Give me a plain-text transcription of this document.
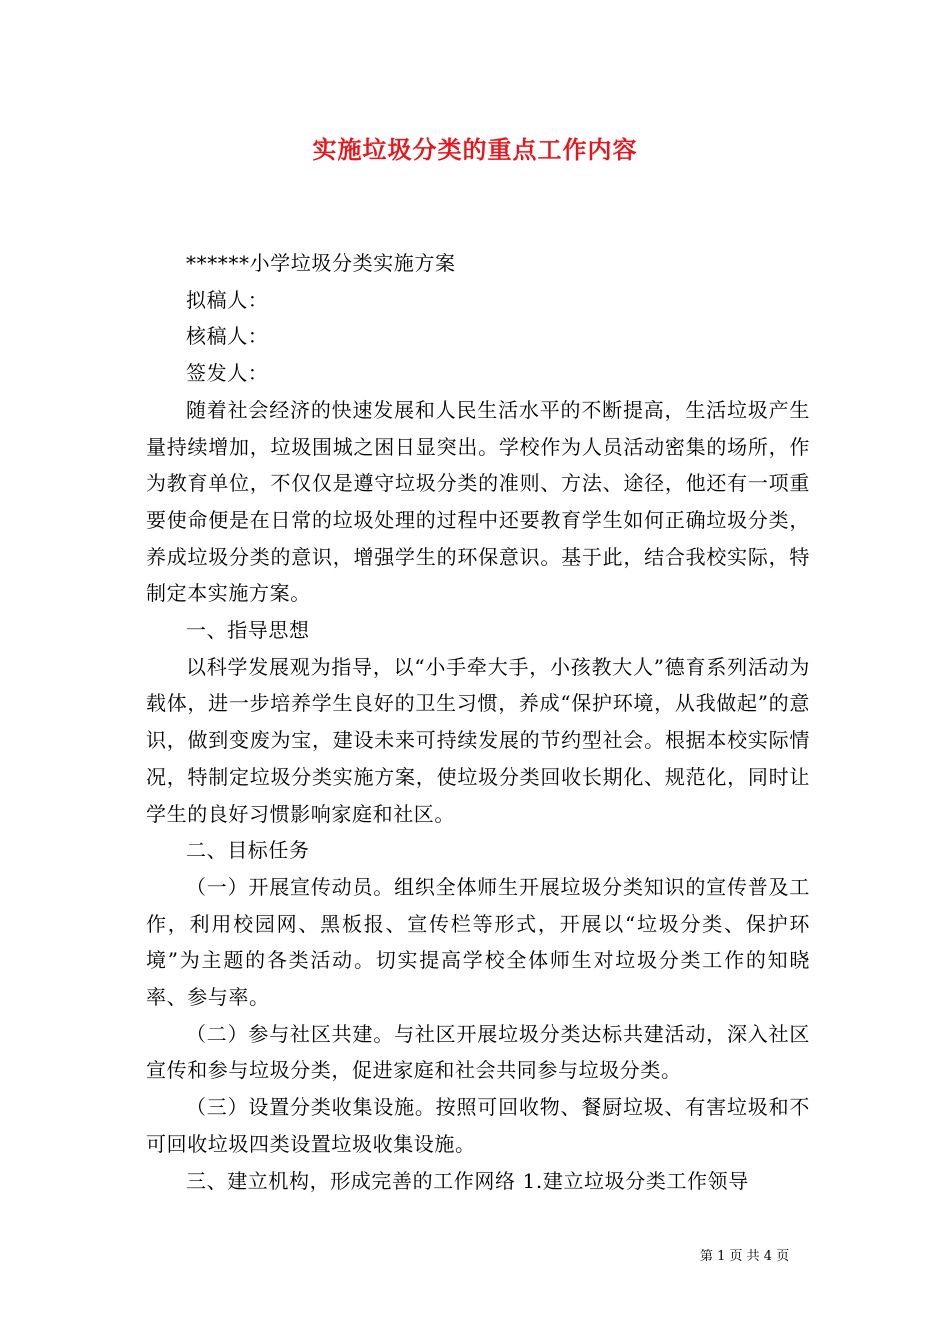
实施垃圾分类的重点工作内容

******小学垃圾分类实施方案

拟稿人：

核稿人：

签发人：

随着社会经济的快速发展和人民生活水平的不断提高，生活垃圾产生量持续增加，垃圾围城之困日显突出。学校作为人员活动密集的场所，作为教育单位，不仅仅是遵守垃圾分类的准则、方法、途径，他还有一项重要使命便是在日常的垃圾处理的过程中还要教育学生如何正确垃圾分类，养成垃圾分类的意识，增强学生的环保意识。基于此，结合我校实际，特制定本实施方案。

一、指导思想

以科学发展观为指导，以“小手牵大手，小孩教大人”德育系列活动为载体，进一步培养学生良好的卫生习惯，养成“保护环境，从我做起”的意识，做到变废为宝，建设未来可持续发展的节约型社会。根据本校实际情况，特制定垃圾分类实施方案，使垃圾分类回收长期化、规范化，同时让学生的良好习惯影响家庭和社区。

二、目标任务

（一）开展宣传动员。组织全体师生开展垃圾分类知识的宣传普及工作，利用校园网、黑板报、宣传栏等形式，开展以“垃圾分类、保护环境”为主题的各类活动。切实提高学校全体师生对垃圾分类工作的知晓率、参与率。

（二）参与社区共建。与社区开展垃圾分类达标共建活动，深入社区宣传和参与垃圾分类，促进家庭和社会共同参与垃圾分类。

（三）设置分类收集设施。按照可回收物、餐厨垃圾、有害垃圾和不可回收垃圾四类设置垃圾收集设施。

三、建立机构，形成完善的工作网络 1.建立垃圾分类工作领导

第 1 页 共 4 页
